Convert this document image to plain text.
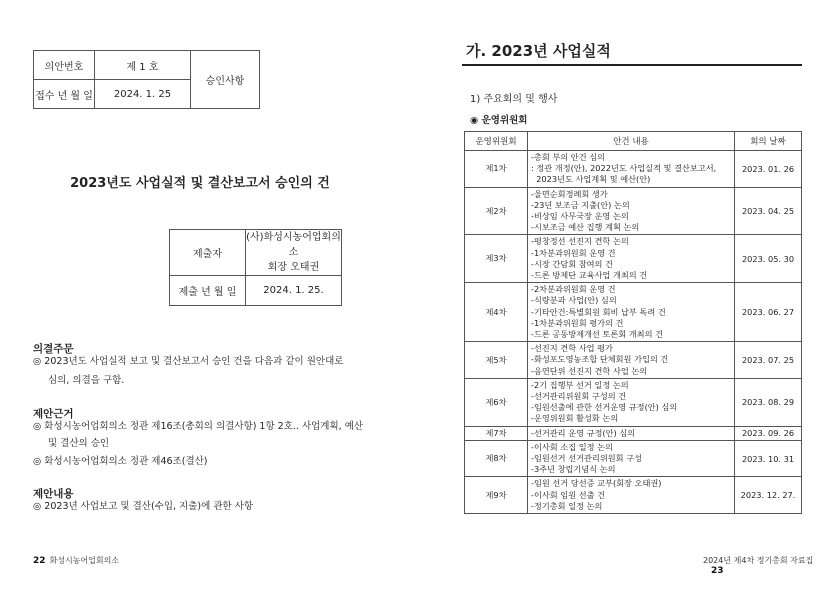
의안번호	제 1 호	승인사항
접수 년 월 일	2024. 1. 25	
2023년도 사업실적 및 결산보고서 승인의 건
제출자	(사)화성시농어업회의소
회장 오태권

제출 년 월 일	2024. 1. 25.
의결주문
◎ 2023년도 사업실적 보고 및 결산보고서 승인 건을 다음과 같이 원안대로
심의, 의결을 구함.
제안근거
◎ 화성시농어업회의소 정관 제16조(총회의 의결사항) 1항 2호.. 사업계획, 예산
및 결산의 승인
◎ 화성시농어업회의소 정관 제46조(결산)
제안내용
◎ 2023년 사업보고 및 결산(수입, 지출)에 관한 사항
22 화성시농어업회의소
가. 2023년 사업실적
1) 주요회의 및 행사
◉ 운영위원회
운영위원회	안건 내용	회의 날짜
제1차	-총회 부의 안건 심의
: 정관 개정(안), 2022년도 사업실적 및 결산보고서,
2023년도 사업계획 및 예산(안)	2023. 01. 26
제2차	-울면순회정례회 생가
-23년 보조금 지출(안) 논의
-비상임 사무국장 운영 논의
-시보조금 예산 집행 계획 논의	2023. 04. 25
제3차	-평창정선 선진지 견학 논의
-1차분과위원회 운영 건
-시장 간담회 참여의 건
-드론 방제단 교육사업 개최의 건	2023. 05. 30
제4차	-2차분과위원회 운영 건
-식량분과 사업(안) 심의
-기타안건:특별회원 회비 납부 독려 건
-1차분과위원회 평가의 건
-드론 공동방제개선 토론회 개최의 건	2023. 06. 27
제5차	-선진지 견학 사업 평가
-화성포도영농조합 단체회원 가입의 건
-음연단위 선진지 견학 사업 논의	2023. 07. 25
제6차	-2기 집행부 선거 일정 논의
-선거관리위원회 구성의 건
-임원선출에 관한 선거운영 규정(안) 심의
-운영위원회 활성화 논의	2023. 08. 29
제7차	-선거관리 운영 규정(안) 심의	2023. 09. 26
제8차	-이사회 소집 일정 논의
-임원선거 선거관리위원회 구성
-3주년 창립기념식 논의	2023. 10. 31
제9차	-임원 선거 당선증 교부(회장 오태권)
-이사회 임원 선출 건
-정기총회 일정 논의	2023. 12. 27.
2024년 제4차 정기총회 자료집23
